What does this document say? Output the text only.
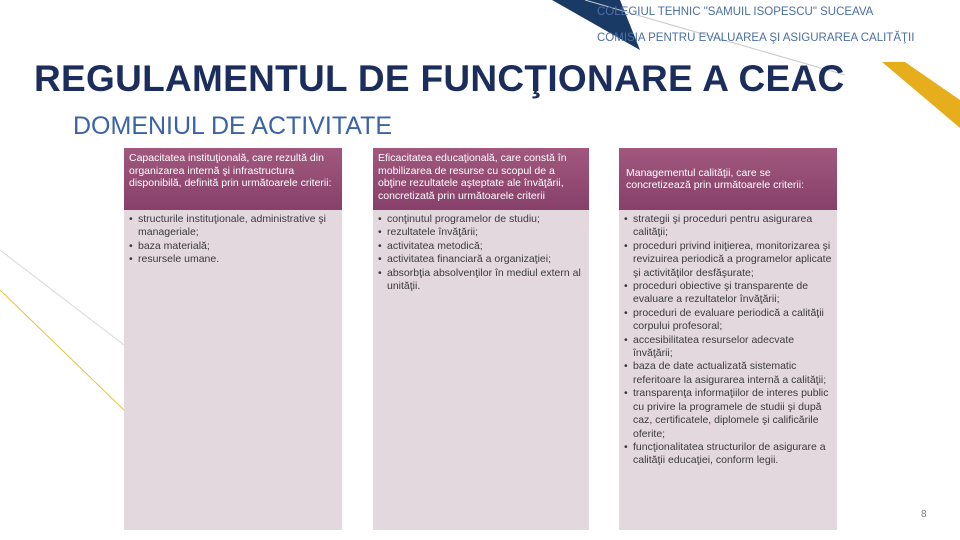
COLEGIUL TEHNIC "SAMUIL ISOPESCU" SUCEAVA
COMISIA PENTRU EVALUAREA ŞI ASIGURAREA CALITĂŢII
REGULAMENTUL DE FUNCŢIONARE A CEAC
DOMENIUL DE ACTIVITATE
Capacitatea instituţională, care rezultă din organizarea internă şi infrastructura disponibilă, definită prin următoarele criterii:
• structurile instituţionale, administrative şi manageriale;
• baza materială;
• resursele umane.
Eficacitatea educaţională, care constă în mobilizarea de resurse cu scopul de a obţine rezultatele aşteptate ale învăţării, concretizată prin următoarele criterii
• conţinutul programelor de studiu;
• rezultatele învăţării;
• activitatea metodică;
• activitatea financiară a organizaţiei;
• absorbţia absolvenţilor în mediul extern al unităţii.
Managementul calităţii, care se concretizează prin următoarele criterii:
• strategii şi proceduri pentru asigurarea calităţii;
• proceduri privind iniţierea, monitorizarea şi revizuirea periodică a programelor aplicate şi activităţilor desfăşurate;
• proceduri obiective şi transparente de evaluare a rezultatelor învăţării;
• proceduri de evaluare periodică a calităţii corpului profesoral;
• accesibilitatea resurselor adecvate învăţării;
• baza de date actualizată sistematic referitoare la asigurarea internă a calităţii;
• transparenţa informaţiilor de interes public cu privire la programele de studii şi după caz, certificatele, diplomele şi calificările oferite;
• funcţionalitatea structurilor de asigurare a calităţii educaţiei, conform legii.
8
